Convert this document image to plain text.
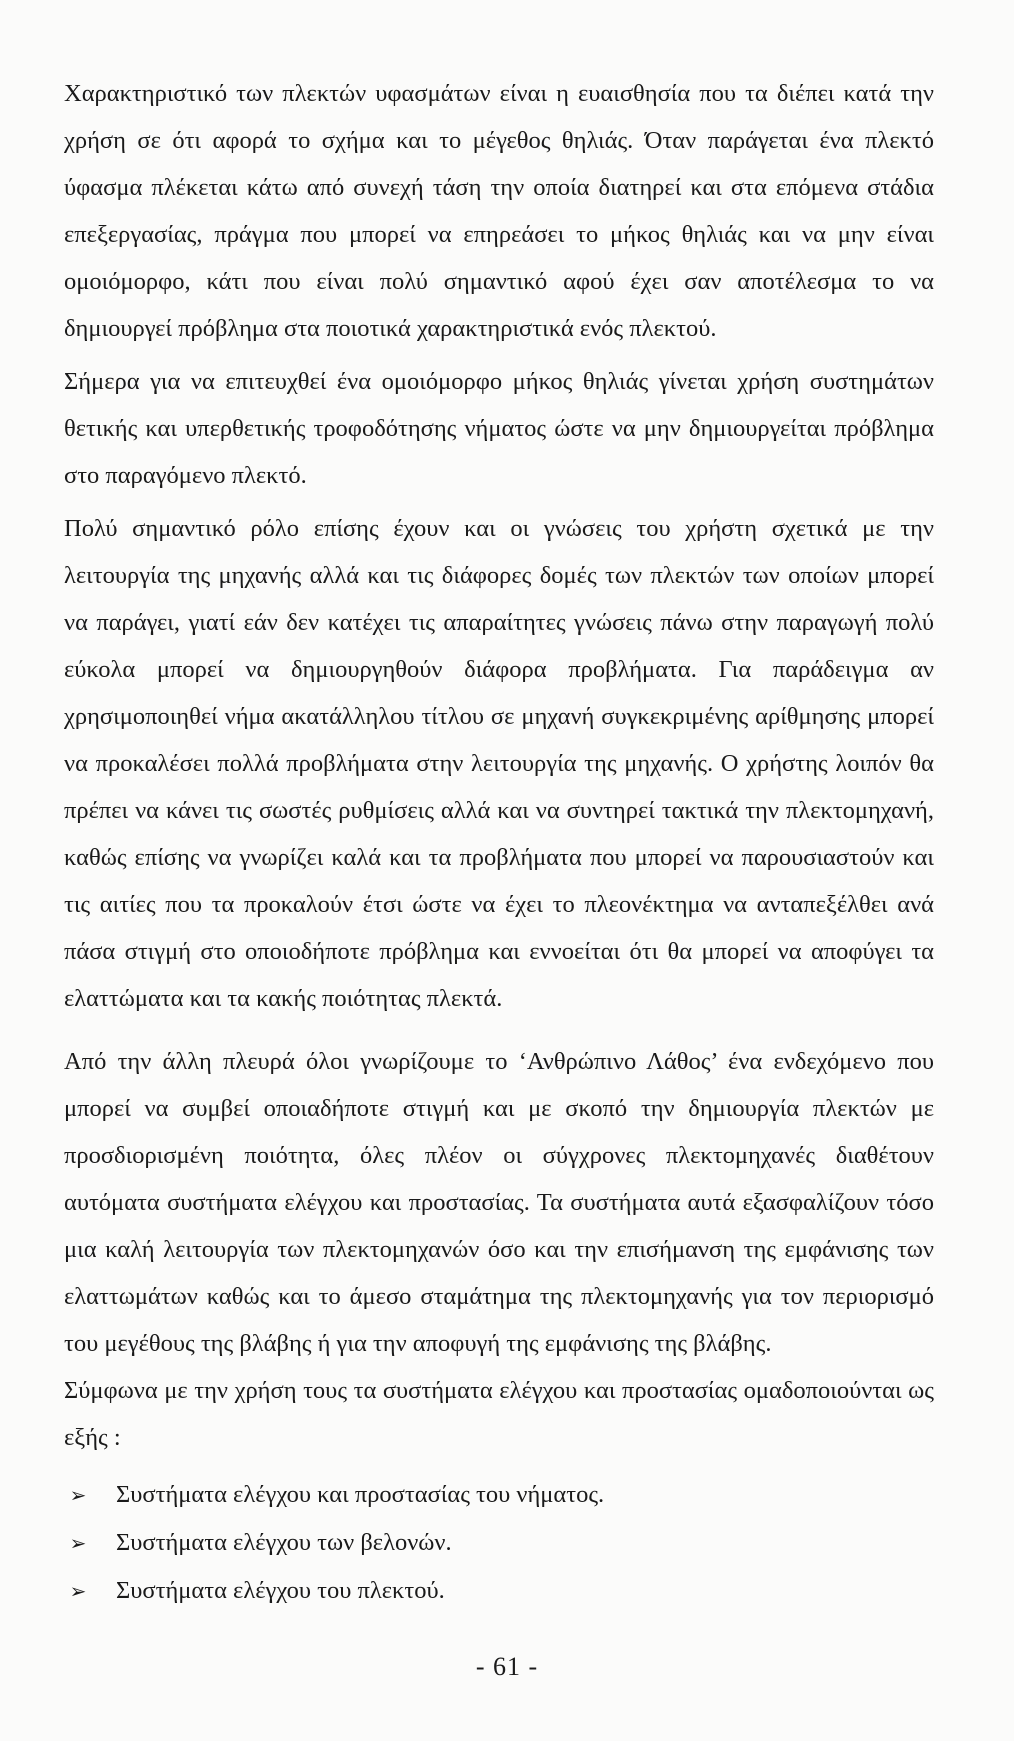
Χαρακτηριστικό των πλεκτών υφασμάτων είναι η ευαισθησία που τα διέπει κατά την χρήση σε ότι αφορά το σχήμα και το μέγεθος θηλιάς. Όταν παράγεται ένα πλεκτό ύφασμα πλέκεται κάτω από συνεχή τάση την οποία διατηρεί και στα επόμενα στάδια επεξεργασίας, πράγμα που μπορεί να επηρεάσει το μήκος θηλιάς και να μην είναι ομοιόμορφο, κάτι που είναι πολύ σημαντικό αφού έχει σαν αποτέλεσμα το να δημιουργεί πρόβλημα στα ποιοτικά χαρακτηριστικά ενός πλεκτού.

Σήμερα για να επιτευχθεί ένα ομοιόμορφο μήκος θηλιάς γίνεται χρήση συστημάτων θετικής και υπερθετικής τροφοδότησης νήματος ώστε να μην δημιουργείται πρόβλημα στο παραγόμενο πλεκτό.

Πολύ σημαντικό ρόλο επίσης έχουν και οι γνώσεις του χρήστη σχετικά με την λειτουργία της μηχανής αλλά και τις διάφορες δομές των πλεκτών των οποίων μπορεί να παράγει, γιατί εάν δεν κατέχει τις απαραίτητες γνώσεις πάνω στην παραγωγή πολύ εύκολα μπορεί να δημιουργηθούν διάφορα προβλήματα. Για παράδειγμα αν χρησιμοποιηθεί νήμα ακατάλληλου τίτλου σε μηχανή συγκεκριμένης αρίθμησης μπορεί να προκαλέσει πολλά προβλήματα στην λειτουργία της μηχανής. Ο χρήστης λοιπόν θα πρέπει να κάνει τις σωστές ρυθμίσεις αλλά και να συντηρεί τακτικά την πλεκτομηχανή, καθώς επίσης να γνωρίζει καλά και τα προβλήματα που μπορεί να παρουσιαστούν και τις αιτίες που τα προκαλούν έτσι ώστε να έχει το πλεονέκτημα να ανταπεξέλθει ανά πάσα στιγμή στο οποιοδήποτε πρόβλημα και εννοείται ότι θα μπορεί να αποφύγει τα ελαττώματα και τα κακής ποιότητας πλεκτά.

Από την άλλη πλευρά όλοι γνωρίζουμε το ‘Ανθρώπινο Λάθος’ ένα ενδεχόμενο που μπορεί να συμβεί οποιαδήποτε στιγμή και με σκοπό την δημιουργία πλεκτών με προσδιορισμένη ποιότητα, όλες πλέον οι σύγχρονες πλεκτομηχανές διαθέτουν αυτόματα συστήματα ελέγχου και προστασίας. Τα συστήματα αυτά εξασφαλίζουν τόσο μια καλή λειτουργία των πλεκτομηχανών όσο και την επισήμανση της εμφάνισης των ελαττωμάτων καθώς και το άμεσο σταμάτημα της πλεκτομηχανής για τον περιορισμό του μεγέθους της βλάβης ή για την αποφυγή της εμφάνισης της βλάβης.

Σύμφωνα με την χρήση τους τα συστήματα ελέγχου και προστασίας ομαδοποιούνται ως εξής :

➢ Συστήματα ελέγχου και προστασίας του νήματος.
➢ Συστήματα ελέγχου των βελονών.
➢ Συστήματα ελέγχου του πλεκτού.
- 61 -
